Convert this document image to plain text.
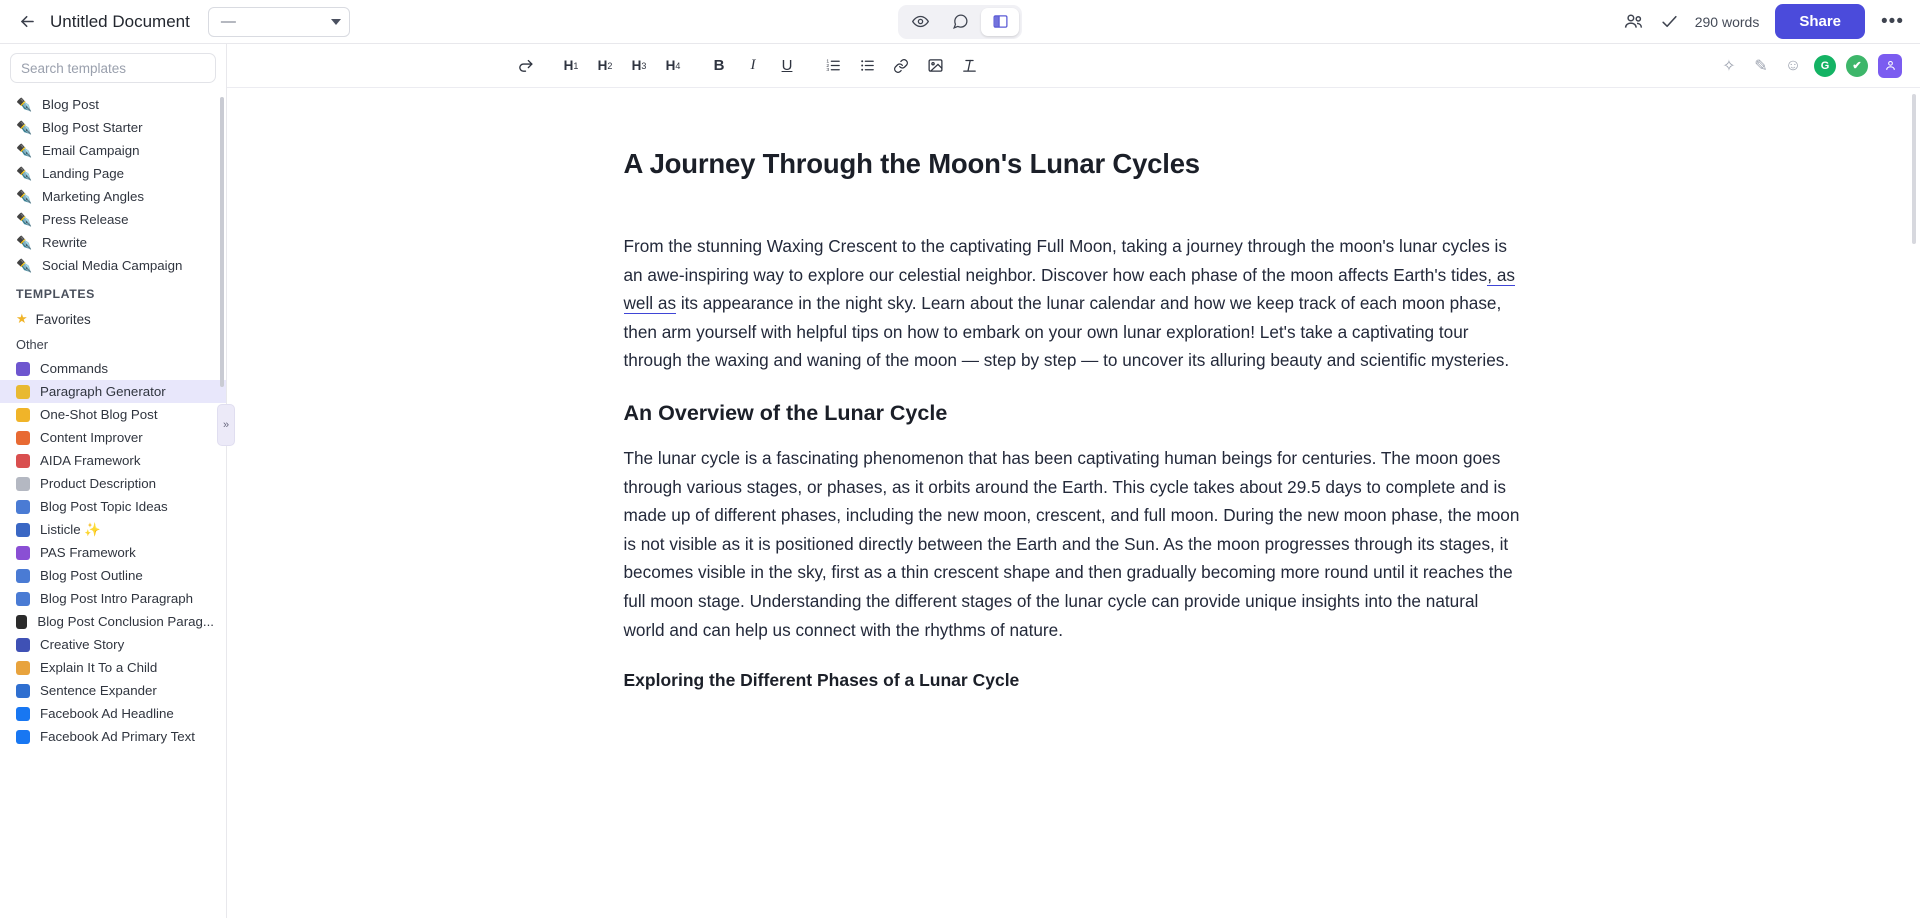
Untitled Document —	290 words	Share	•••
Search templates
✒️ Blog Post
✒️ Blog Post Starter
✒️ Email Campaign
✒️ Landing Page
✒️ Marketing Angles
✒️ Press Release
✒️ Rewrite
✒️ Social Media Campaign
TEMPLATES
★ Favorites
Other
Commands
Paragraph Generator
One-Shot Blog Post
Content Improver
AIDA Framework
Product Description
Blog Post Topic Ideas
Listicle ✨
PAS Framework
Blog Post Outline
Blog Post Intro Paragraph
Blog Post Conclusion Parag...
Creative Story
Explain It To a Child
Sentence Expander
Facebook Ad Headline
Facebook Ad Primary Text
»
H 1	H 2	H 3	H 4	B	I	U	1
2
3	✧ ✎ ☺	G	✔
A Journey Through the Moon's Lunar Cycles

From the stunning Waxing Crescent to the captivating Full Moon, taking a journey through the moon's lunar cycles is an awe-inspiring way to explore our celestial neighbor. Discover how each phase of the moon affects Earth's tides, as well as its appearance in the night sky. Learn about the lunar calendar and how we keep track of each moon phase, then arm yourself with helpful tips on how to embark on your own lunar exploration! Let's take a captivating tour through the waxing and waning of the moon — step by step — to uncover its alluring beauty and scientific mysteries.

An Overview of the Lunar Cycle

The lunar cycle is a fascinating phenomenon that has been captivating human beings for centuries. The moon goes through various stages, or phases, as it orbits around the Earth. This cycle takes about 29.5 days to complete and is made up of different phases, including the new moon, crescent, and full moon. During the new moon phase, the moon is not visible as it is positioned directly between the Earth and the Sun. As the moon progresses through its stages, it becomes visible in the sky, first as a thin crescent shape and then gradually becoming more round until it reaches the full moon stage. Understanding the different stages of the lunar cycle can provide unique insights into the natural world and can help us connect with the rhythms of nature.

Exploring the Different Phases of a Lunar Cycle
